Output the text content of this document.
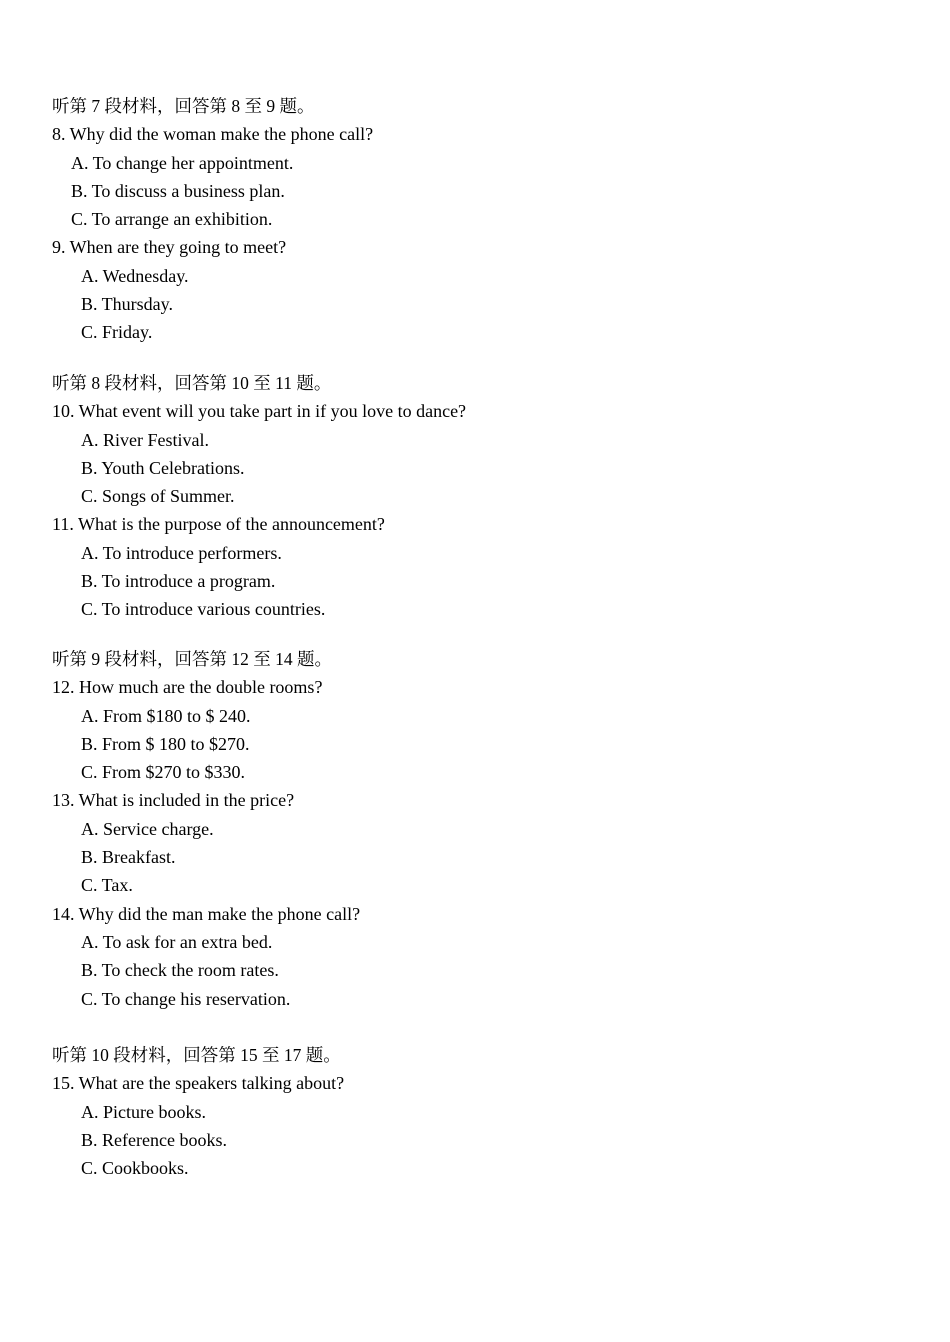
听第 7 段材料，回答第 8 至 9 题。
8. Why did the woman make the phone call?
A. To change her appointment.
B. To discuss a business plan.
C. To arrange an exhibition.
9. When are they going to meet?
A. Wednesday.
B. Thursday.
C. Friday.
听第 8 段材料，回答第 10 至 11 题。
10. What event will you take part in if you love to dance?
A. River Festival.
B. Youth Celebrations.
C. Songs of Summer.
11. What is the purpose of the announcement?
A. To introduce performers.
B. To introduce a program.
C. To introduce various countries.
听第 9 段材料，回答第 12 至 14 题。
12. How much are the double rooms?
A. From $180 to $ 240.
B. From $ 180 to $270.
C. From $270 to $330.
13. What is included in the price?
A. Service charge.
B. Breakfast.
C. Tax.
14. Why did the man make the phone call?
A. To ask for an extra bed.
B. To check the room rates.
C. To change his reservation.
听第 10 段材料，回答第 15 至 17 题。
15. What are the speakers talking about?
A. Picture books.
B. Reference books.
C. Cookbooks.
